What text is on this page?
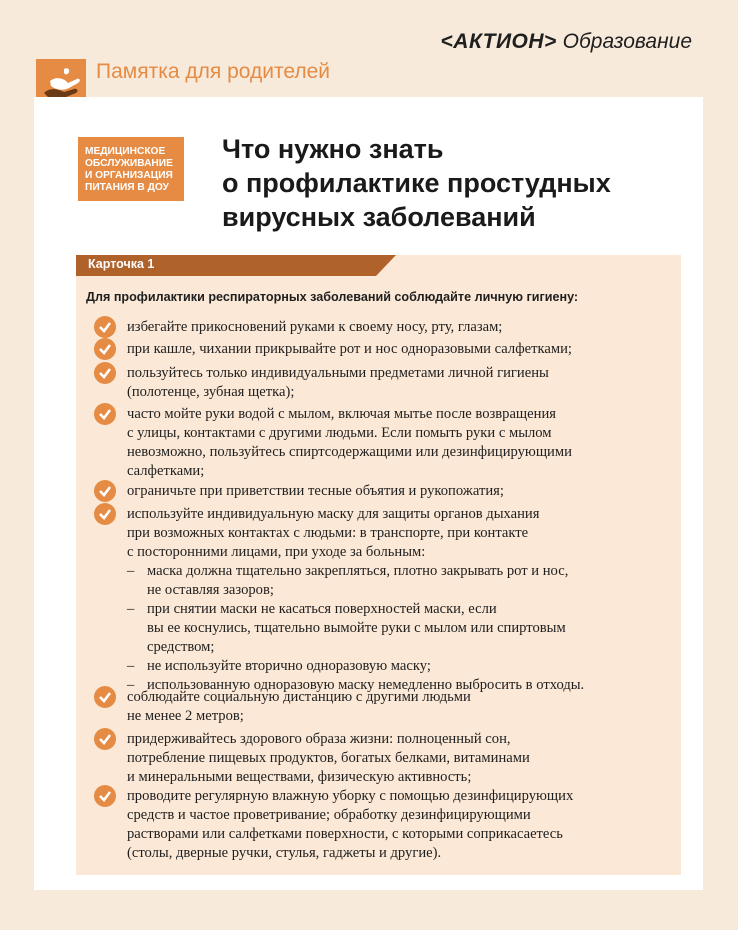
<АКТИОН> Образование
Памятка для родителей
МЕДИЦИНСКОЕ
ОБСЛУЖИВАНИЕ
И ОРГАНИЗАЦИЯ
ПИТАНИЯ В ДОУ
Что нужно знать
о профилактике простудных
вирусных заболеваний
Карточка 1
Для профилактики респираторных заболеваний соблюдайте личную гигиену:
избегайте прикосновений руками к своему носу, рту, глазам;
при кашле, чихании прикрывайте рот и нос одноразовыми салфетками;
пользуйтесь только индивидуальными предметами личной гигиены
(полотенце, зубная щетка);
часто мойте руки водой с мылом, включая мытье после возвращения
с улицы, контактами с другими людьми. Если помыть руки с мылом
невозможно, пользуйтесь спиртсодержащими или дезинфицирующими
салфетками;
ограничьте при приветствии тесные объятия и рукопожатия;
используйте индивидуальную маску для защиты органов дыхания
при возможных контактах с людьми: в транспорте, при контакте
с посторонними лицами, при уходе за больным:
– маска должна тщательно закрепляться, плотно закрывать рот и нос,
не оставляя зазоров;
– при снятии маски не касаться поверхностей маски, если
вы ее коснулись, тщательно вымойте руки с мылом или спиртовым
средством;
– не используйте вторично одноразовую маску;
– использованную одноразовую маску немедленно выбросить в отходы.
соблюдайте социальную дистанцию с другими людьми
не менее 2 метров;
придерживайтесь здорового образа жизни: полноценный сон,
потребление пищевых продуктов, богатых белками, витаминами
и минеральными веществами, физическую активность;
проводите регулярную влажную уборку с помощью дезинфицирующих
средств и частое проветривание; обработку дезинфицирующими
растворами или салфетками поверхности, с которыми соприкасаетесь
(столы, дверные ручки, стулья, гаджеты и другие).
